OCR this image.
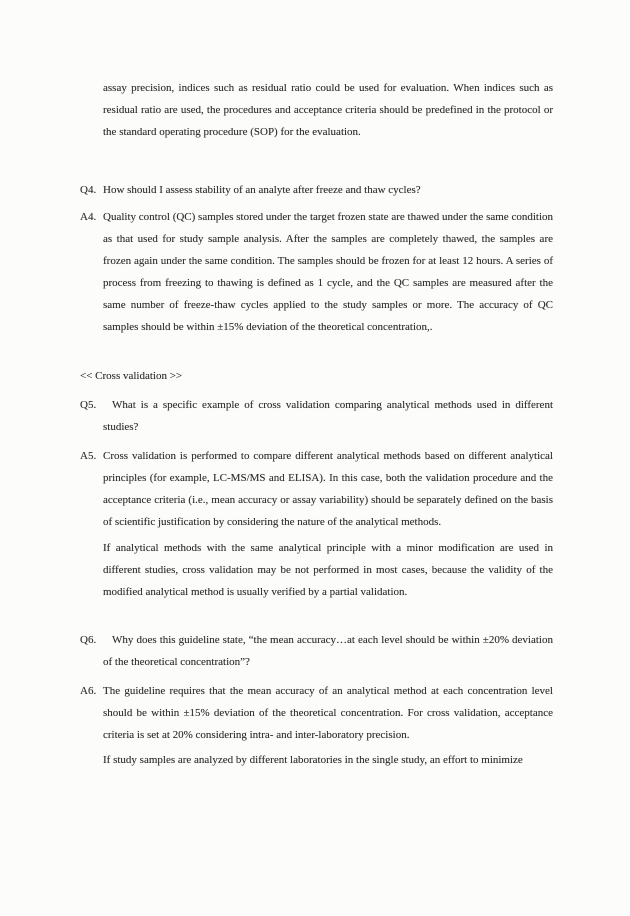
assay precision, indices such as residual ratio could be used for evaluation. When indices such as residual ratio are used, the procedures and acceptance criteria should be predefined in the protocol or the standard operating procedure (SOP) for the evaluation.

Q4. How should I assess stability of an analyte after freeze and thaw cycles?

A4. Quality control (QC) samples stored under the target frozen state are thawed under the same condition as that used for study sample analysis. After the samples are completely thawed, the samples are frozen again under the same condition. The samples should be frozen for at least 12 hours. A series of process from freezing to thawing is defined as 1 cycle, and the QC samples are measured after the same number of freeze-thaw cycles applied to the study samples or more. The accuracy of QC samples should be within ±15% deviation of the theoretical concentration,.

<< Cross validation >>

Q5. What is a specific example of cross validation comparing analytical methods used in different studies?

A5. Cross validation is performed to compare different analytical methods based on different analytical principles (for example, LC-MS/MS and ELISA). In this case, both the validation procedure and the acceptance criteria (i.e., mean accuracy or assay variability) should be separately defined on the basis of scientific justification by considering the nature of the analytical methods.

If analytical methods with the same analytical principle with a minor modification are used in different studies, cross validation may be not performed in most cases, because the validity of the modified analytical method is usually verified by a partial validation.

Q6. Why does this guideline state, “the mean accuracy…at each level should be within ±20% deviation of the theoretical concentration”?

A6. The guideline requires that the mean accuracy of an analytical method at each concentration level should be within ±15% deviation of the theoretical concentration. For cross validation, acceptance criteria is set at 20% considering intra- and inter-laboratory precision.

If study samples are analyzed by different laboratories in the single study, an effort to minimize
